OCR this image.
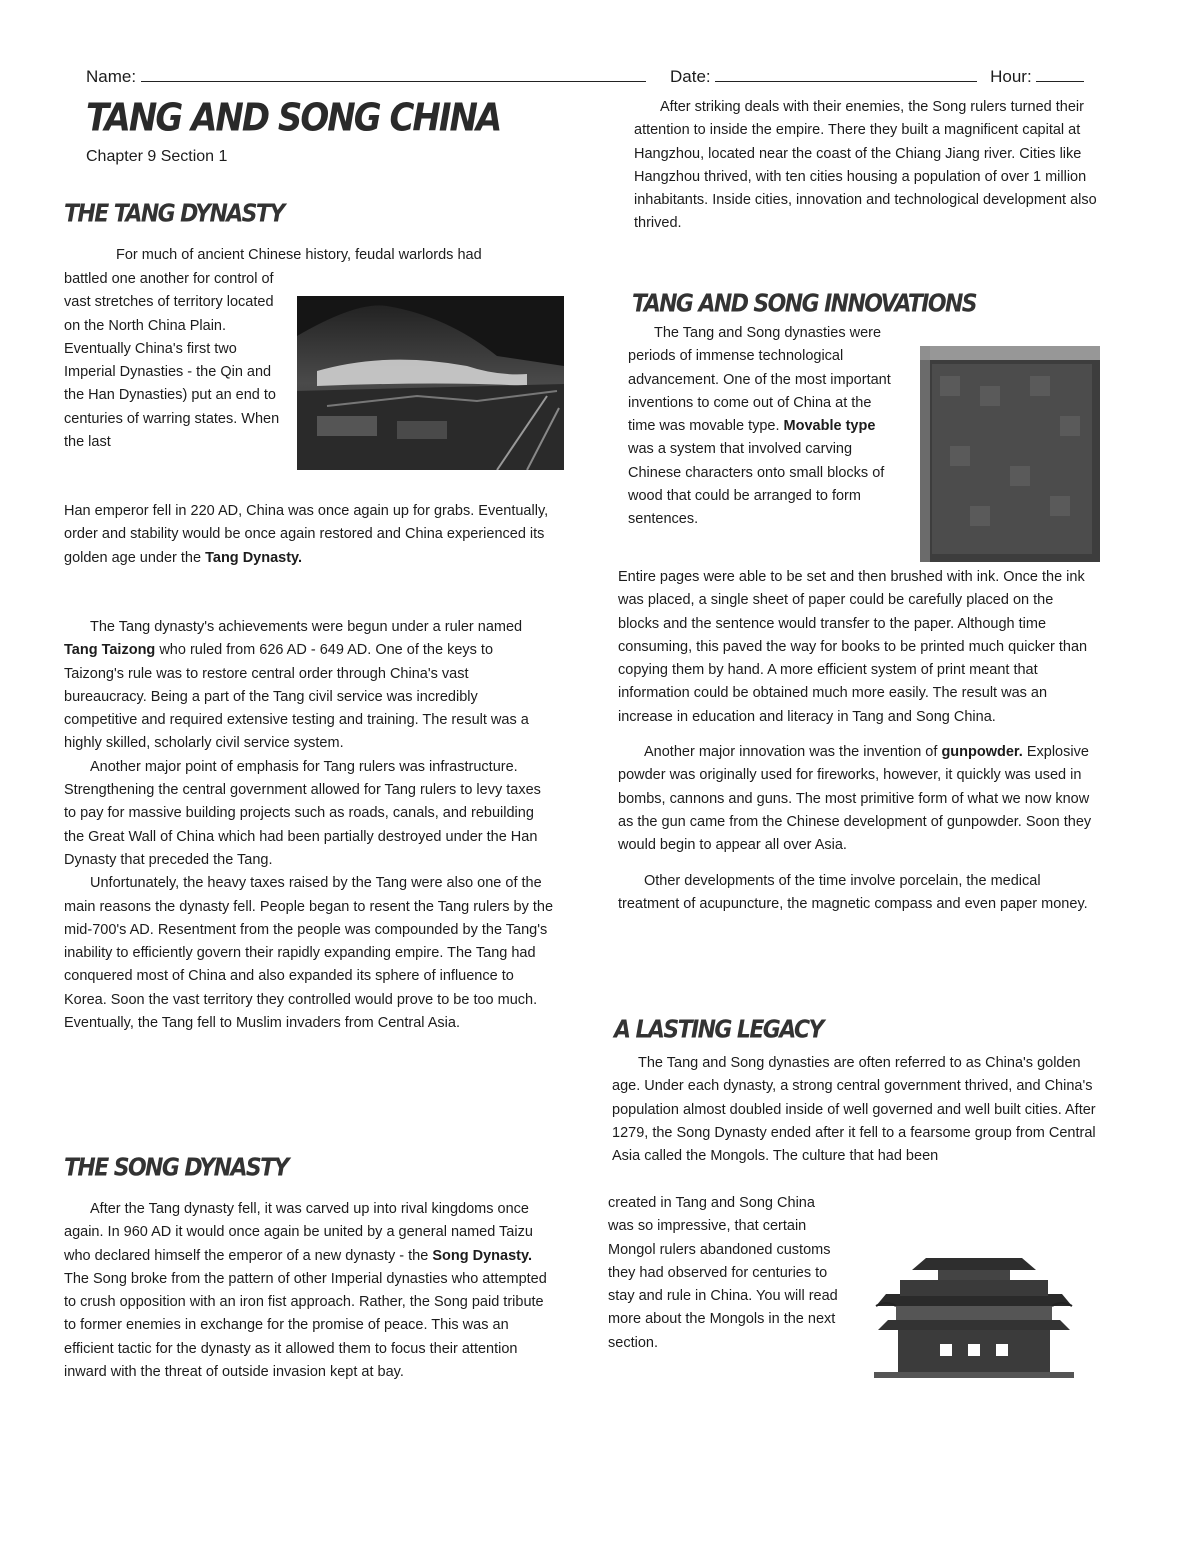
Name:	Date:	Hour:
TANG AND SONG CHINA
Chapter 9 Section 1
THE TANG DYNASTY

For much of ancient Chinese history, feudal warlords had

battled one another for control of vast stretches of territory located on the North China Plain. Eventually China's first two Imperial Dynasties - the Qin and the Han Dynasties) put an end to centuries of warring states. When the last

Han emperor fell in 220 AD, China was once again up for grabs. Eventually, order and stability would be once again restored and China experienced its golden age under the Tang Dynasty.

The Tang dynasty's achievements were begun under a ruler named Tang Taizong who ruled from 626 AD - 649 AD. One of the keys to Taizong's rule was to restore central order through China's vast bureaucracy. Being a part of the Tang civil service was incredibly competitive and required extensive testing and training. The result was a highly skilled, scholarly civil service system.

Another major point of emphasis for Tang rulers was infrastructure. Strengthening the central government allowed for Tang rulers to levy taxes to pay for massive building projects such as roads, canals, and rebuilding the Great Wall of China which had been partially destroyed under the Han Dynasty that preceded the Tang.

Unfortunately, the heavy taxes raised by the Tang were also one of the main reasons the dynasty fell. People began to resent the Tang rulers by the mid-700's AD. Resentment from the people was compounded by the Tang's inability to efficiently govern their rapidly expanding empire. The Tang had conquered most of China and also expanded its sphere of influence to Korea. Soon the vast territory they controlled would prove to be too much. Eventually, the Tang fell to Muslim invaders from Central Asia.

THE SONG DYNASTY

After the Tang dynasty fell, it was carved up into rival kingdoms once again. In 960 AD it would once again be united by a general named Taizu who declared himself the emperor of a new dynasty - the Song Dynasty. The Song broke from the pattern of other Imperial dynasties who attempted to crush opposition with an iron fist approach. Rather, the Song paid tribute to former enemies in exchange for the promise of peace. This was an efficient tactic for the dynasty as it allowed them to focus their attention inward with the threat of outside invasion kept at bay.

After striking deals with their enemies, the Song rulers turned their attention to inside the empire. There they built a magnificent capital at Hangzhou, located near the coast of the Chiang Jiang river. Cities like Hangzhou thrived, with ten cities housing a population of over 1 million inhabitants. Inside cities, innovation and technological development also thrived.

TANG AND SONG INNOVATIONS

The Tang and Song dynasties were periods of immense technological advancement. One of the most important inventions to come out of China at the time was movable type. Movable type was a system that involved carving Chinese characters onto small blocks of wood that could be arranged to form sentences.

Entire pages were able to be set and then brushed with ink. Once the ink was placed, a single sheet of paper could be carefully placed on the blocks and the sentence would transfer to the paper. Although time consuming, this paved the way for books to be printed much quicker than copying them by hand. A more efficient system of print meant that information could be obtained much more easily. The result was an increase in education and literacy in Tang and Song China.

Another major innovation was the invention of gunpowder. Explosive powder was originally used for fireworks, however, it quickly was used in bombs, cannons and guns. The most primitive form of what we now know as the gun came from the Chinese development of gunpowder. Soon they would begin to appear all over Asia.

Other developments of the time involve porcelain, the medical treatment of acupuncture, the magnetic compass and even paper money.

A LASTING LEGACY

The Tang and Song dynasties are often referred to as China's golden age. Under each dynasty, a strong central government thrived, and China's population almost doubled inside of well governed and well built cities. After 1279, the Song Dynasty ended after it fell to a fearsome group from Central Asia called the Mongols. The culture that had been

created in Tang and Song China was so impressive, that certain Mongol rulers abandoned customs they had observed for centuries to stay and rule in China. You will read more about the Mongols in the next section.
